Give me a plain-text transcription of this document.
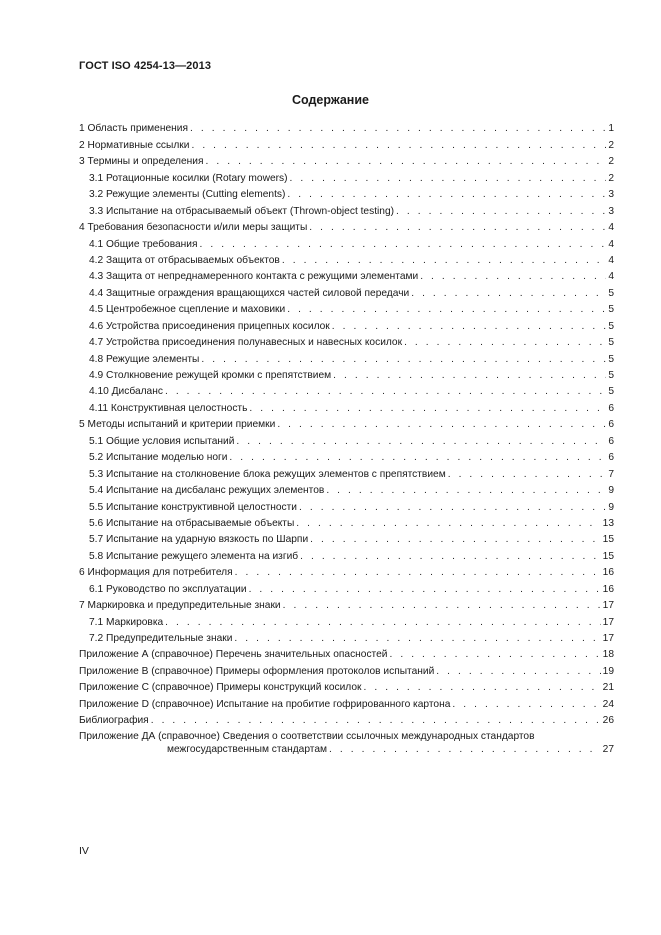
ГОСТ ISO 4254-13—2013
Содержание
1 Область применения . . .	1
2 Нормативные ссылки . . .	2
3 Термины и определения . . .	2
3.1 Ротационные косилки (Rotary mowers) . . .	2
3.2 Режущие элементы (Cutting elements) . . .	3
3.3 Испытание на отбрасываемый объект (Thrown-object testing) . . .	3
4 Требования безопасности и/или меры защиты . . .	4
4.1 Общие требования . . .	4
4.2 Защита от отбрасываемых объектов . . .	4
4.3 Защита от непреднамеренного контакта с режущими элементами . . .	4
4.4 Защитные ограждения вращающихся частей силовой передачи . . .	5
4.5 Центробежное сцепление и маховики . . .	5
4.6 Устройства присоединения прицепных косилок . . .	5
4.7 Устройства присоединения полунавесных и навесных косилок . . .	5
4.8 Режущие элементы . . .	5
4.9 Столкновение режущей кромки с препятствием . . .	5
4.10 Дисбаланс . . .	5
4.11 Конструктивная целостность . . .	6
5 Методы испытаний и критерии приемки . . .	6
5.1 Общие условия испытаний . . .	6
5.2 Испытание моделью ноги . . .	6
5.3 Испытание на столкновение блока режущих элементов с препятствием . . .	7
5.4 Испытание на дисбаланс режущих элементов . . .	9
5.5 Испытание конструктивной целостности . . .	9
5.6 Испытание на отбрасываемые объекты . . .	13
5.7 Испытание на ударную вязкость по Шарпи . . .	15
5.8 Испытание режущего элемента на изгиб . . .	15
6 Информация для потребителя . . .	16
6.1 Руководство по эксплуатации . . .	16
7 Маркировка и предупредительные знаки . . .	17
7.1 Маркировка . . .	17
7.2 Предупредительные знаки . . .	17
Приложение А (справочное) Перечень значительных опасностей . . .	18
Приложение В (справочное) Примеры оформления протоколов испытаний . . .	19
Приложение С (справочное) Примеры конструкций косилок . . .	21
Приложение D (справочное) Испытание на пробитие гофрированного картона . . .	24
Библиография . . .	26
Приложение ДА (справочное) Сведения о соответствии ссылочных международных стандартов
межгосударственным стандартам . . .	27
IV
